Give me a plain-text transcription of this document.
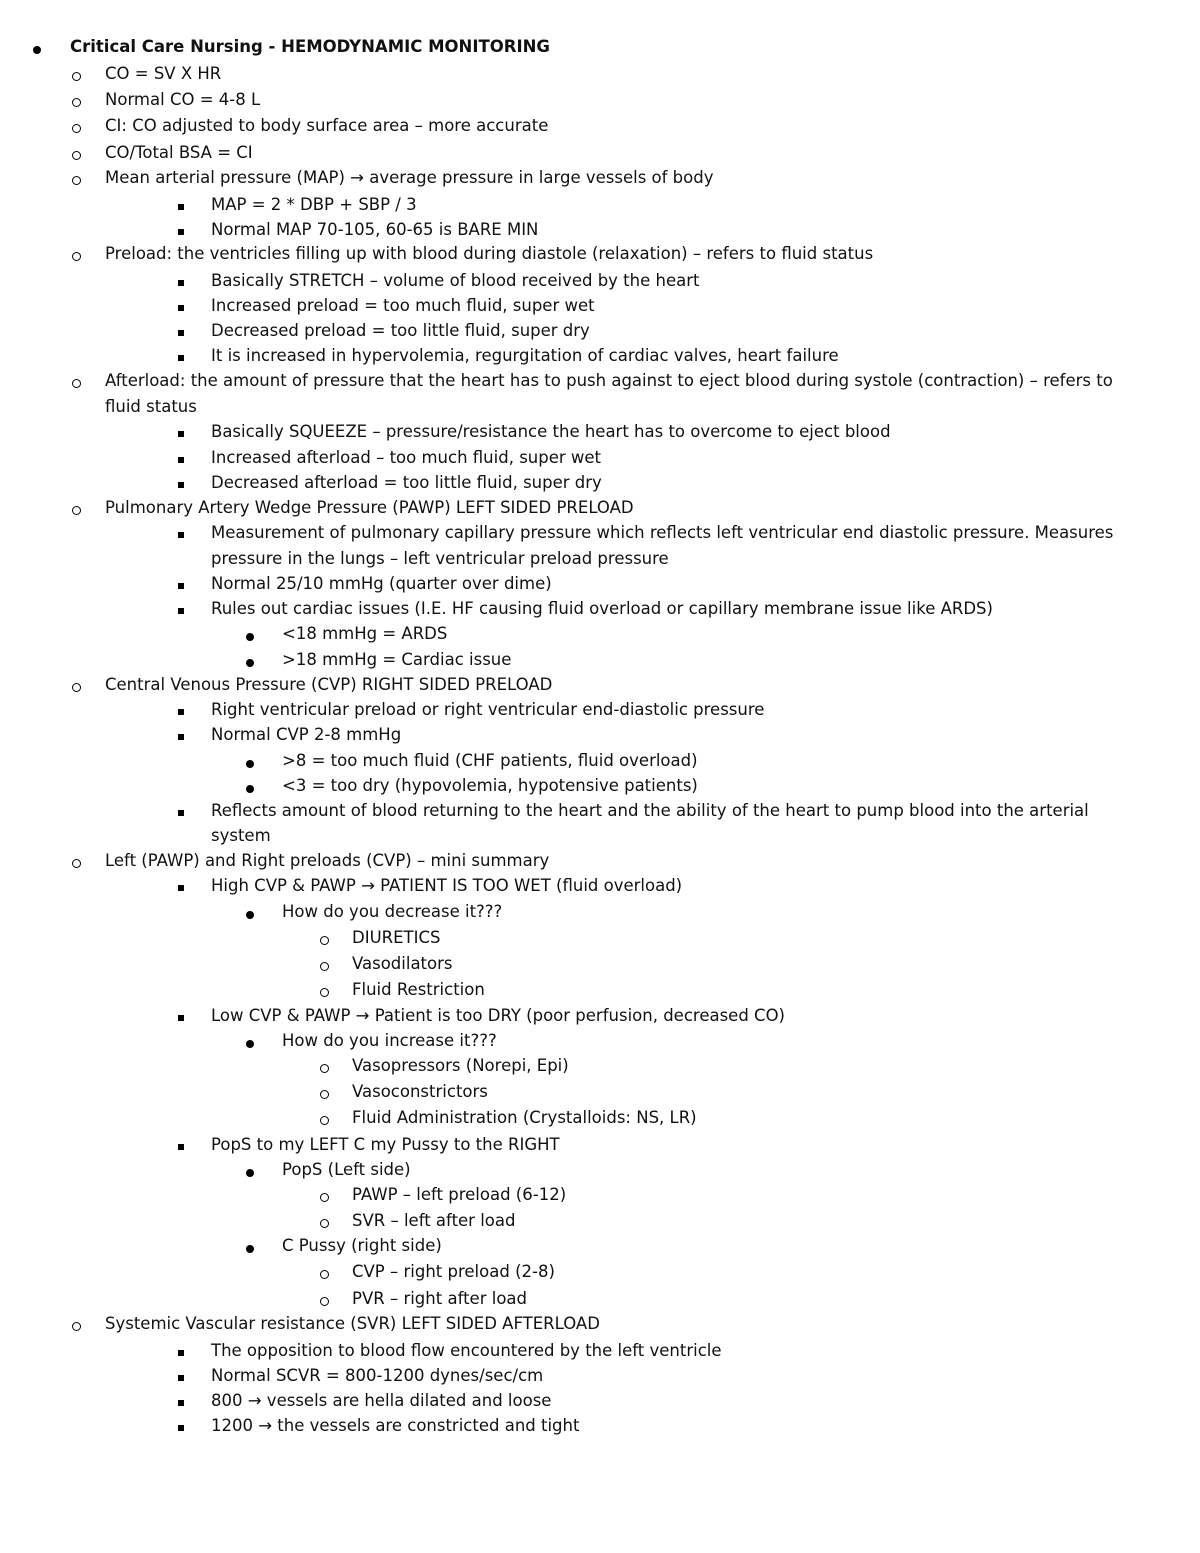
Critical Care Nursing - HEMODYNAMIC MONITORING
CO = SV X HR
Normal CO = 4-8 L
CI: CO adjusted to body surface area – more accurate
CO/Total BSA = CI
Mean arterial pressure (MAP) → average pressure in large vessels of body
MAP = 2 * DBP + SBP / 3
Normal MAP 70-105, 60-65 is BARE MIN
Preload: the ventricles filling up with blood during diastole (relaxation) – refers to fluid status
Basically STRETCH – volume of blood received by the heart
Increased preload = too much fluid, super wet
Decreased preload = too little fluid, super dry
It is increased in hypervolemia, regurgitation of cardiac valves, heart failure
Afterload: the amount of pressure that the heart has to push against to eject blood during systole (contraction) – refers to
fluid status
Basically SQUEEZE – pressure/resistance the heart has to overcome to eject blood
Increased afterload – too much fluid, super wet
Decreased afterload = too little fluid, super dry
Pulmonary Artery Wedge Pressure (PAWP) LEFT SIDED PRELOAD
Measurement of pulmonary capillary pressure which reflects left ventricular end diastolic pressure. Measures
pressure in the lungs – left ventricular preload pressure
Normal 25/10 mmHg (quarter over dime)
Rules out cardiac issues (I.E. HF causing fluid overload or capillary membrane issue like ARDS)
<18 mmHg = ARDS
>18 mmHg = Cardiac issue
Central Venous Pressure (CVP) RIGHT SIDED PRELOAD
Right ventricular preload or right ventricular end-diastolic pressure
Normal CVP 2-8 mmHg
>8 = too much fluid (CHF patients, fluid overload)
<3 = too dry (hypovolemia, hypotensive patients)
Reflects amount of blood returning to the heart and the ability of the heart to pump blood into the arterial
system
Left (PAWP) and Right preloads (CVP) – mini summary
High CVP & PAWP → PATIENT IS TOO WET (fluid overload)
How do you decrease it???
DIURETICS
Vasodilators
Fluid Restriction
Low CVP & PAWP → Patient is too DRY (poor perfusion, decreased CO)
How do you increase it???
Vasopressors (Norepi, Epi)
Vasoconstrictors
Fluid Administration (Crystalloids: NS, LR)
PopS to my LEFT C my Pussy to the RIGHT
PopS (Left side)
PAWP – left preload (6-12)
SVR – left after load
C Pussy (right side)
CVP – right preload (2-8)
PVR – right after load
Systemic Vascular resistance (SVR) LEFT SIDED AFTERLOAD
The opposition to blood flow encountered by the left ventricle
Normal SCVR = 800-1200 dynes/sec/cm
800 → vessels are hella dilated and loose
1200 → the vessels are constricted and tight
